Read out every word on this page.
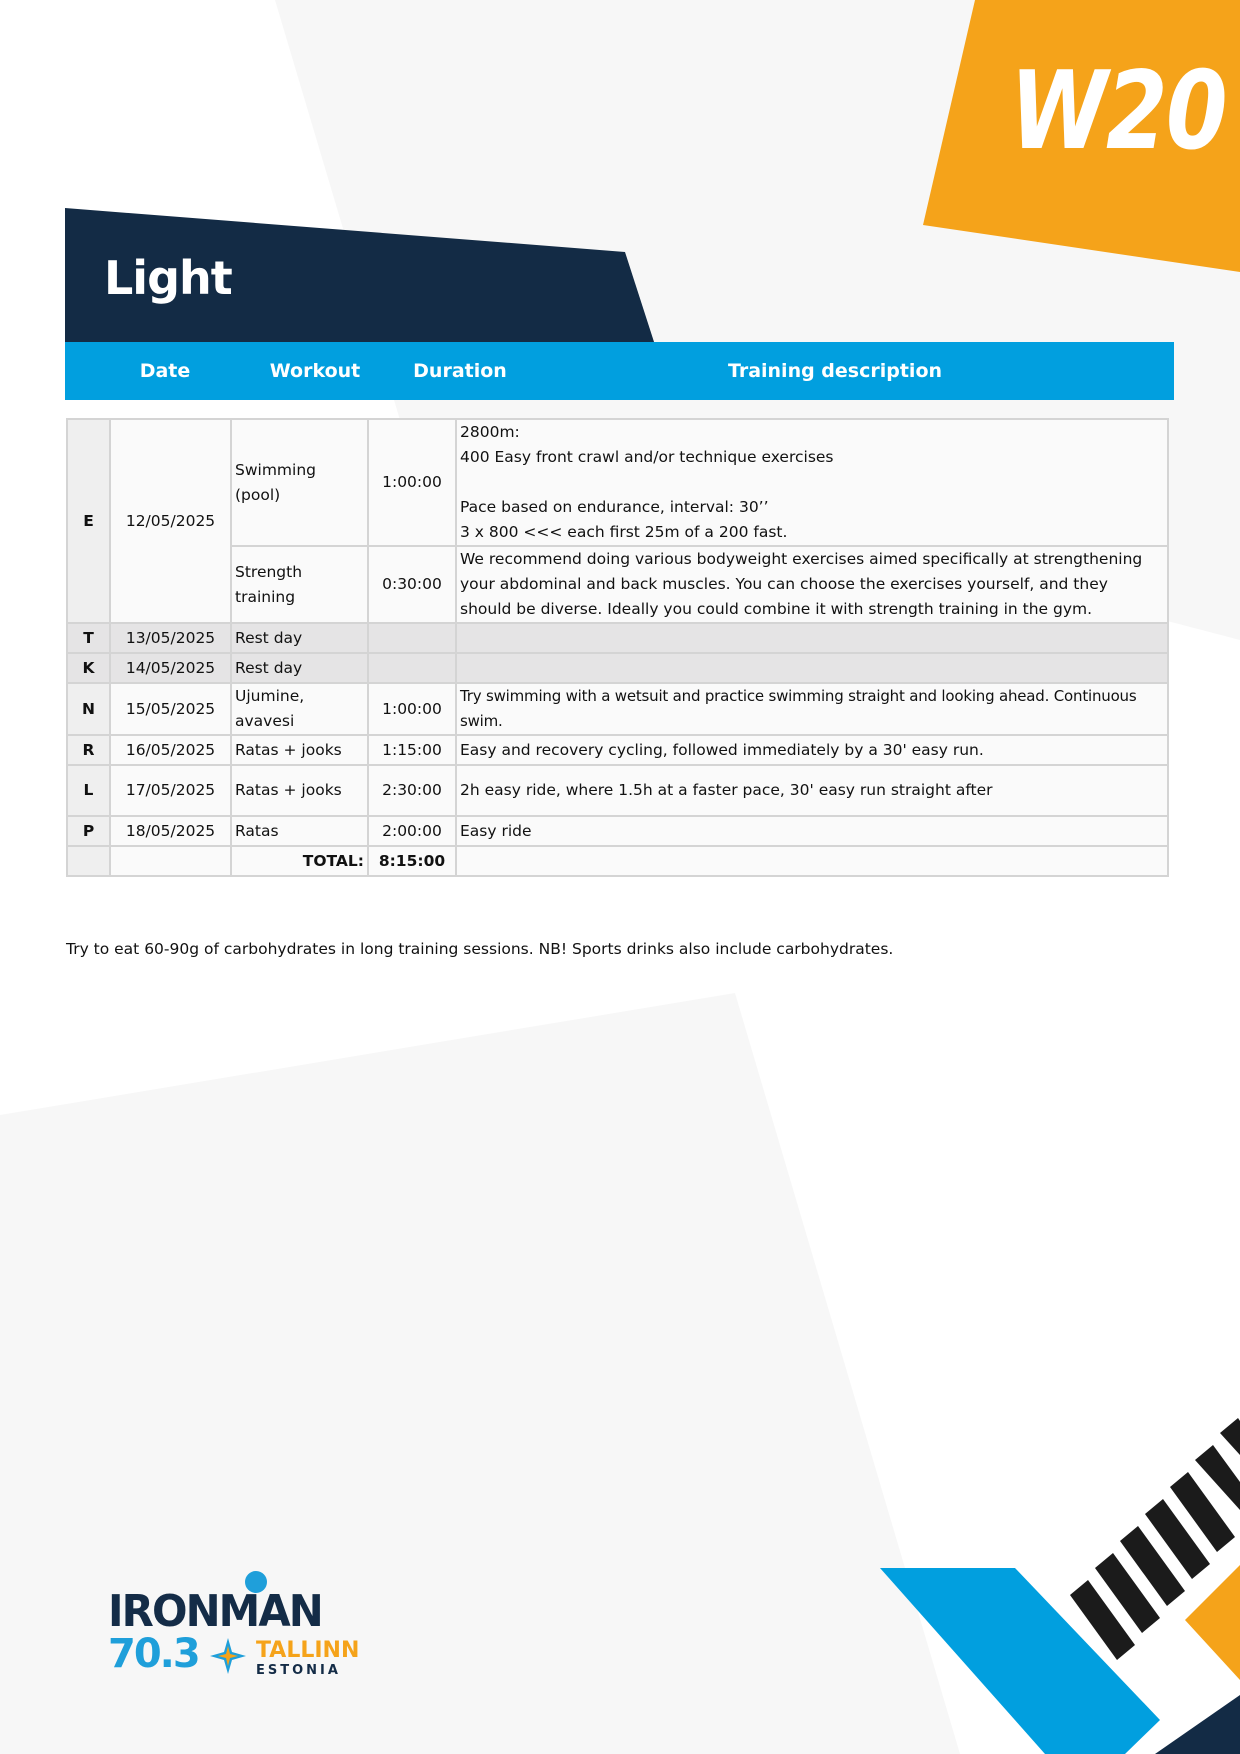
W20
Light
Date	Workout	Duration	Training description
E	12/05/2025	Swimming (pool)	1:00:00	2800m:
400 Easy front crawl and/or technique exercises

Pace based on endurance, interval: 30’’
3 x 800 <<< each first 25m of a 200 fast.
		Strength training	0:30:00	We recommend doing various bodyweight exercises aimed specifically at strengthening your abdominal and back muscles. You can choose the exercises yourself, and they should be diverse. Ideally you could combine it with strength training in the gym.
T	13/05/2025	Rest day		
K	14/05/2025	Rest day		
N	15/05/2025	Ujumine, avavesi	1:00:00	Try swimming with a wetsuit and practice swimming straight and looking ahead. Continuous swim.
R	16/05/2025	Ratas + jooks	1:15:00	Easy and recovery cycling, followed immediately by a 30' easy run.
L	17/05/2025	Ratas + jooks	2:30:00	2h easy ride, where 1.5h at a faster pace, 30' easy run straight after
P	18/05/2025	Ratas	2:00:00	Easy ride
		TOTAL:	8:15:00	
Try to eat 60-90g of carbohydrates in long training sessions. NB! Sports drinks also include carbohydrates.
IRONMAN
70.3	TALLINN
ESTONIA
